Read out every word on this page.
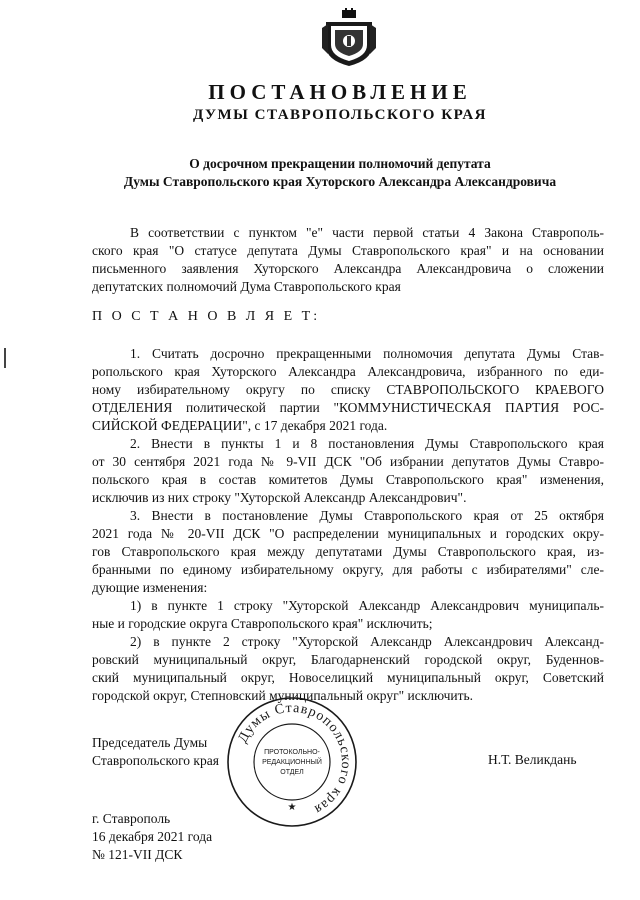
ПОСТАНОВЛЕНИЕ
ДУМЫ СТАВРОПОЛЬСКОГО КРАЯ
О досрочном прекращении полномочий депутата
Думы Ставропольского края Хуторского Александра Александровича
В соответствии с пунктом "е" части первой статьи 4 Закона Ставрополь-
ского края "О статусе депутата Думы Ставропольского края" и на основании
письменного заявления Хуторского Александра Александровича о сложении
депутатских полномочий Дума Ставропольского края
П О С Т А Н О В Л Я Е Т:
1. Считать досрочно прекращенными полномочия депутата Думы Став-
ропольского края Хуторского Александра Александровича, избранного по еди-
ному избирательному округу по списку СТАВРОПОЛЬСКОГО КРАЕВОГО
ОТДЕЛЕНИЯ политической партии "КОММУНИСТИЧЕСКАЯ ПАРТИЯ РОС-
СИЙСКОЙ ФЕДЕРАЦИИ", с 17 декабря 2021 года.
2. Внести в пункты 1 и 8 постановления Думы Ставропольского края
от 30 сентября 2021 года № 9-VII ДСК "Об избрании депутатов Думы Ставро-
польского края в состав комитетов Думы Ставропольского края" изменения,
исключив из них строку "Хуторской Александр Александрович".
3. Внести в постановление Думы Ставропольского края от 25 октября
2021 года № 20-VII ДСК "О распределении муниципальных и городских окру-
гов Ставропольского края между депутатами Думы Ставропольского края, из-
бранными по единому избирательному округу, для работы с избирателями" сле-
дующие изменения:
1) в пункте 1 строку "Хуторской Александр Александрович муниципаль-
ные и городские округа Ставропольского края" исключить;
2) в пункте 2 строку "Хуторской Александр Александрович Александ-
ровский муниципальный округ, Благодарненский городской округ, Буденнов-
ский муниципальный округ, Новоселицкий муниципальный округ, Советский
городской округ, Степновский муниципальный округ" исключить.
Председатель Думы
Ставропольского края	Н.Т. Великдань
Думы Ставропольского края
ПРОТОКОЛЬНО-
РЕДАКЦИОННЫЙ
ОТДЕЛ
★
г. Ставрополь
16 декабря 2021 года
№ 121-VII ДСК
